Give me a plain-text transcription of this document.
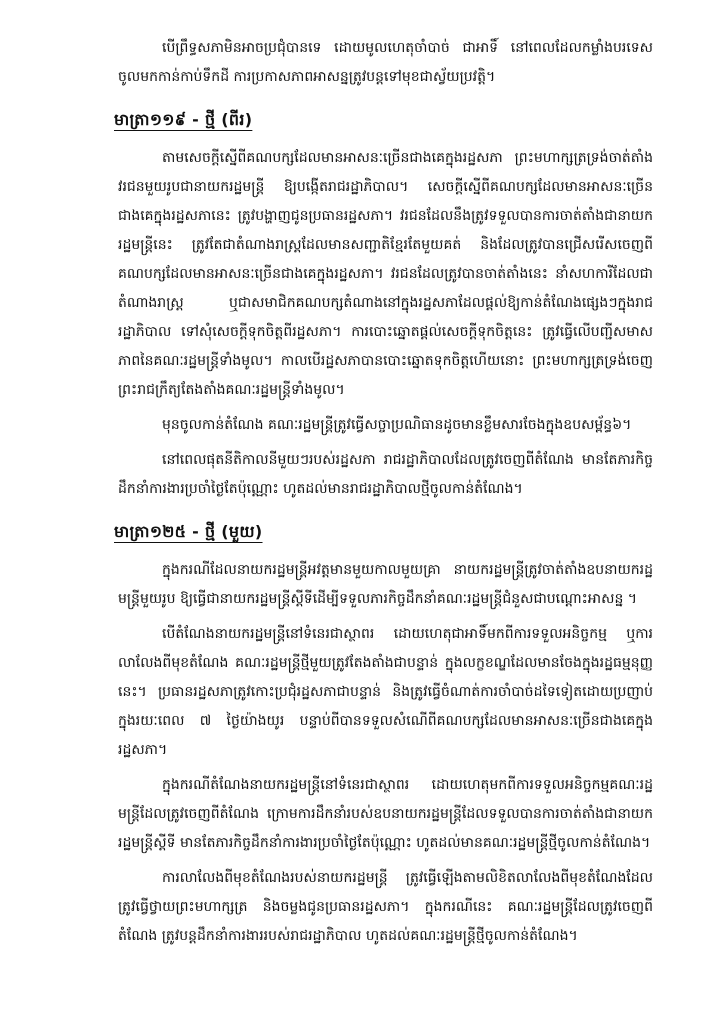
បើព្រឹទ្ធសភាមិនអាចប្រជុំបានទេ ដោយមូលហេតុចាំបាច់ ជាអាទិ៍ នៅពេលដែលកម្លាំងបរទេសចូលមកកាន់កាប់ទឹកដី ការប្រកាសភាពអាសន្នត្រូវបន្តទៅមុខជាស្វ័យប្រវត្តិ។

មាត្រា១១៩ - ថ្មី (ពីរ)

តាមសេចក្ដីស្នើពីគណបក្សដែលមានអាសនៈច្រើនជាងគេក្នុងរដ្ឋសភា ព្រះមហាក្សត្រទ្រង់ចាត់តាំងវរជនមួយរូបជានាយករដ្ឋមន្ត្រី ឱ្យបង្កើតរាជរដ្ឋាភិបាល។ សេចក្ដីស្នើពីគណបក្សដែលមានអាសនៈច្រើនជាងគេក្នុងរដ្ឋសភានេះ ត្រូវបង្ហាញជូនប្រធានរដ្ឋសភា។ វរជនដែលនឹងត្រូវទទួលបានការចាត់តាំងជានាយករដ្ឋមន្ត្រីនេះ ត្រូវតែជាតំណាងរាស្ត្រដែលមានសញ្ជាតិខ្មែរតែមួយគត់ និងដែលត្រូវបានជ្រើសរើសចេញពីគណបក្សដែលមានអាសនៈច្រើនជាងគេក្នុងរដ្ឋសភា។ វរជនដែលត្រូវបានចាត់តាំងនេះ នាំសហការីដែលជាតំណាងរាស្ត្រ ឬជាសមាជិកគណបក្សតំណាងនៅក្នុងរដ្ឋសភាដែលផ្ដល់ឱ្យកាន់តំណែងផ្សេងៗក្នុងរាជរដ្ឋាភិបាល ទៅសុំសេចក្ដីទុកចិត្តពីរដ្ឋសភា។ ការបោះឆ្នោតផ្ដល់សេចក្ដីទុកចិត្តនេះ ត្រូវធ្វើលើបញ្ជីសមាសភាពនៃគណៈរដ្ឋមន្ត្រីទាំងមូល។ កាលបើរដ្ឋសភាបានបោះឆ្នោតទុកចិត្តហើយនោះ ព្រះមហាក្សត្រទ្រង់ចេញព្រះរាជក្រឹត្យតែងតាំងគណៈរដ្ឋមន្ត្រីទាំងមូល។

មុនចូលកាន់តំណែង គណៈរដ្ឋមន្ត្រីត្រូវធ្វើសច្ចាប្រណិធានដូចមានខ្លឹមសារចែងក្នុងឧបសម្ព័ន្ធ៦។

នៅពេលផុតនីតិកាលនីមួយៗរបស់រដ្ឋសភា រាជរដ្ឋាភិបាលដែលត្រូវចេញពីតំណែង មានតែភារកិច្ចដឹកនាំការងារប្រចាំថ្ងៃតែប៉ុណ្ណោះ ហូតដល់មានរាជរដ្ឋាភិបាលថ្មីចូលកាន់តំណែង។

មាត្រា១២៥ - ថ្មី (មួយ)

ក្នុងករណីដែលនាយករដ្ឋមន្ត្រីអវត្តមានមួយកាលមួយគ្រា នាយករដ្ឋមន្ត្រីត្រូវចាត់តាំងឧបនាយករដ្ឋមន្ត្រីមួយរូប ឱ្យធ្វើជានាយករដ្ឋមន្ត្រីស្ដីទីដើម្បីទទួលភារកិច្ចដឹកនាំគណៈរដ្ឋមន្ត្រីជំនួសជាបណ្ដោះអាសន្ន ។

បើតំណែងនាយករដ្ឋមន្ត្រីនៅទំនេរជាស្ថាពរ ដោយហេតុជាអាទិ៍មកពីការទទួលអនិច្ចកម្ម ឬការលាលែងពីមុខតំណែង គណៈរដ្ឋមន្ត្រីថ្មីមួយត្រូវតែងតាំងជាបន្ទាន់ ក្នុងលក្ខខណ្ឌដែលមានចែងក្នុងរដ្ឋធម្មនុញ្ញនេះ។ ប្រធានរដ្ឋសភាត្រូវកោះប្រជុំរដ្ឋសភាជាបន្ទាន់ និងត្រូវធ្វើចំណាត់ការចាំបាច់ដទៃទៀតដោយប្រញាប់ ក្នុងរយៈពេល ៧ ថ្ងៃយ៉ាងយូរ បន្ទាប់ពីបានទទួលសំណើពីគណបក្សដែលមានអាសនៈច្រើនជាងគេក្នុងរដ្ឋសភា។

ក្នុងករណីតំណែងនាយករដ្ឋមន្ត្រីនៅទំនេរជាស្ថាពរ ដោយហេតុមកពីការទទួលអនិច្ចកម្មគណៈរដ្ឋមន្ត្រីដែលត្រូវចេញពីតំណែង ក្រោមការដឹកនាំរបស់ឧបនាយករដ្ឋមន្ត្រីដែលទទួលបានការចាត់តាំងជានាយករដ្ឋមន្ត្រីស្ដីទី មានតែភារកិច្ចដឹកនាំការងារប្រចាំថ្ងៃតែប៉ុណ្ណោះ ហូតដល់មានគណៈរដ្ឋមន្ត្រីថ្មីចូលកាន់តំណែង។

ការលាលែងពីមុខតំណែងរបស់នាយករដ្ឋមន្ត្រី ត្រូវធ្វើឡើងតាមលិខិតលាលែងពីមុខតំណែងដែលត្រូវធ្វើថ្វាយព្រះមហាក្សត្រ និងចម្លងជូនប្រធានរដ្ឋសភា។ ក្នុងករណីនេះ គណៈរដ្ឋមន្ត្រីដែលត្រូវចេញពីតំណែង ត្រូវបន្តដឹកនាំការងាររបស់រាជរដ្ឋាភិបាល ហូតដល់គណៈរដ្ឋមន្ត្រីថ្មីចូលកាន់តំណែង។
